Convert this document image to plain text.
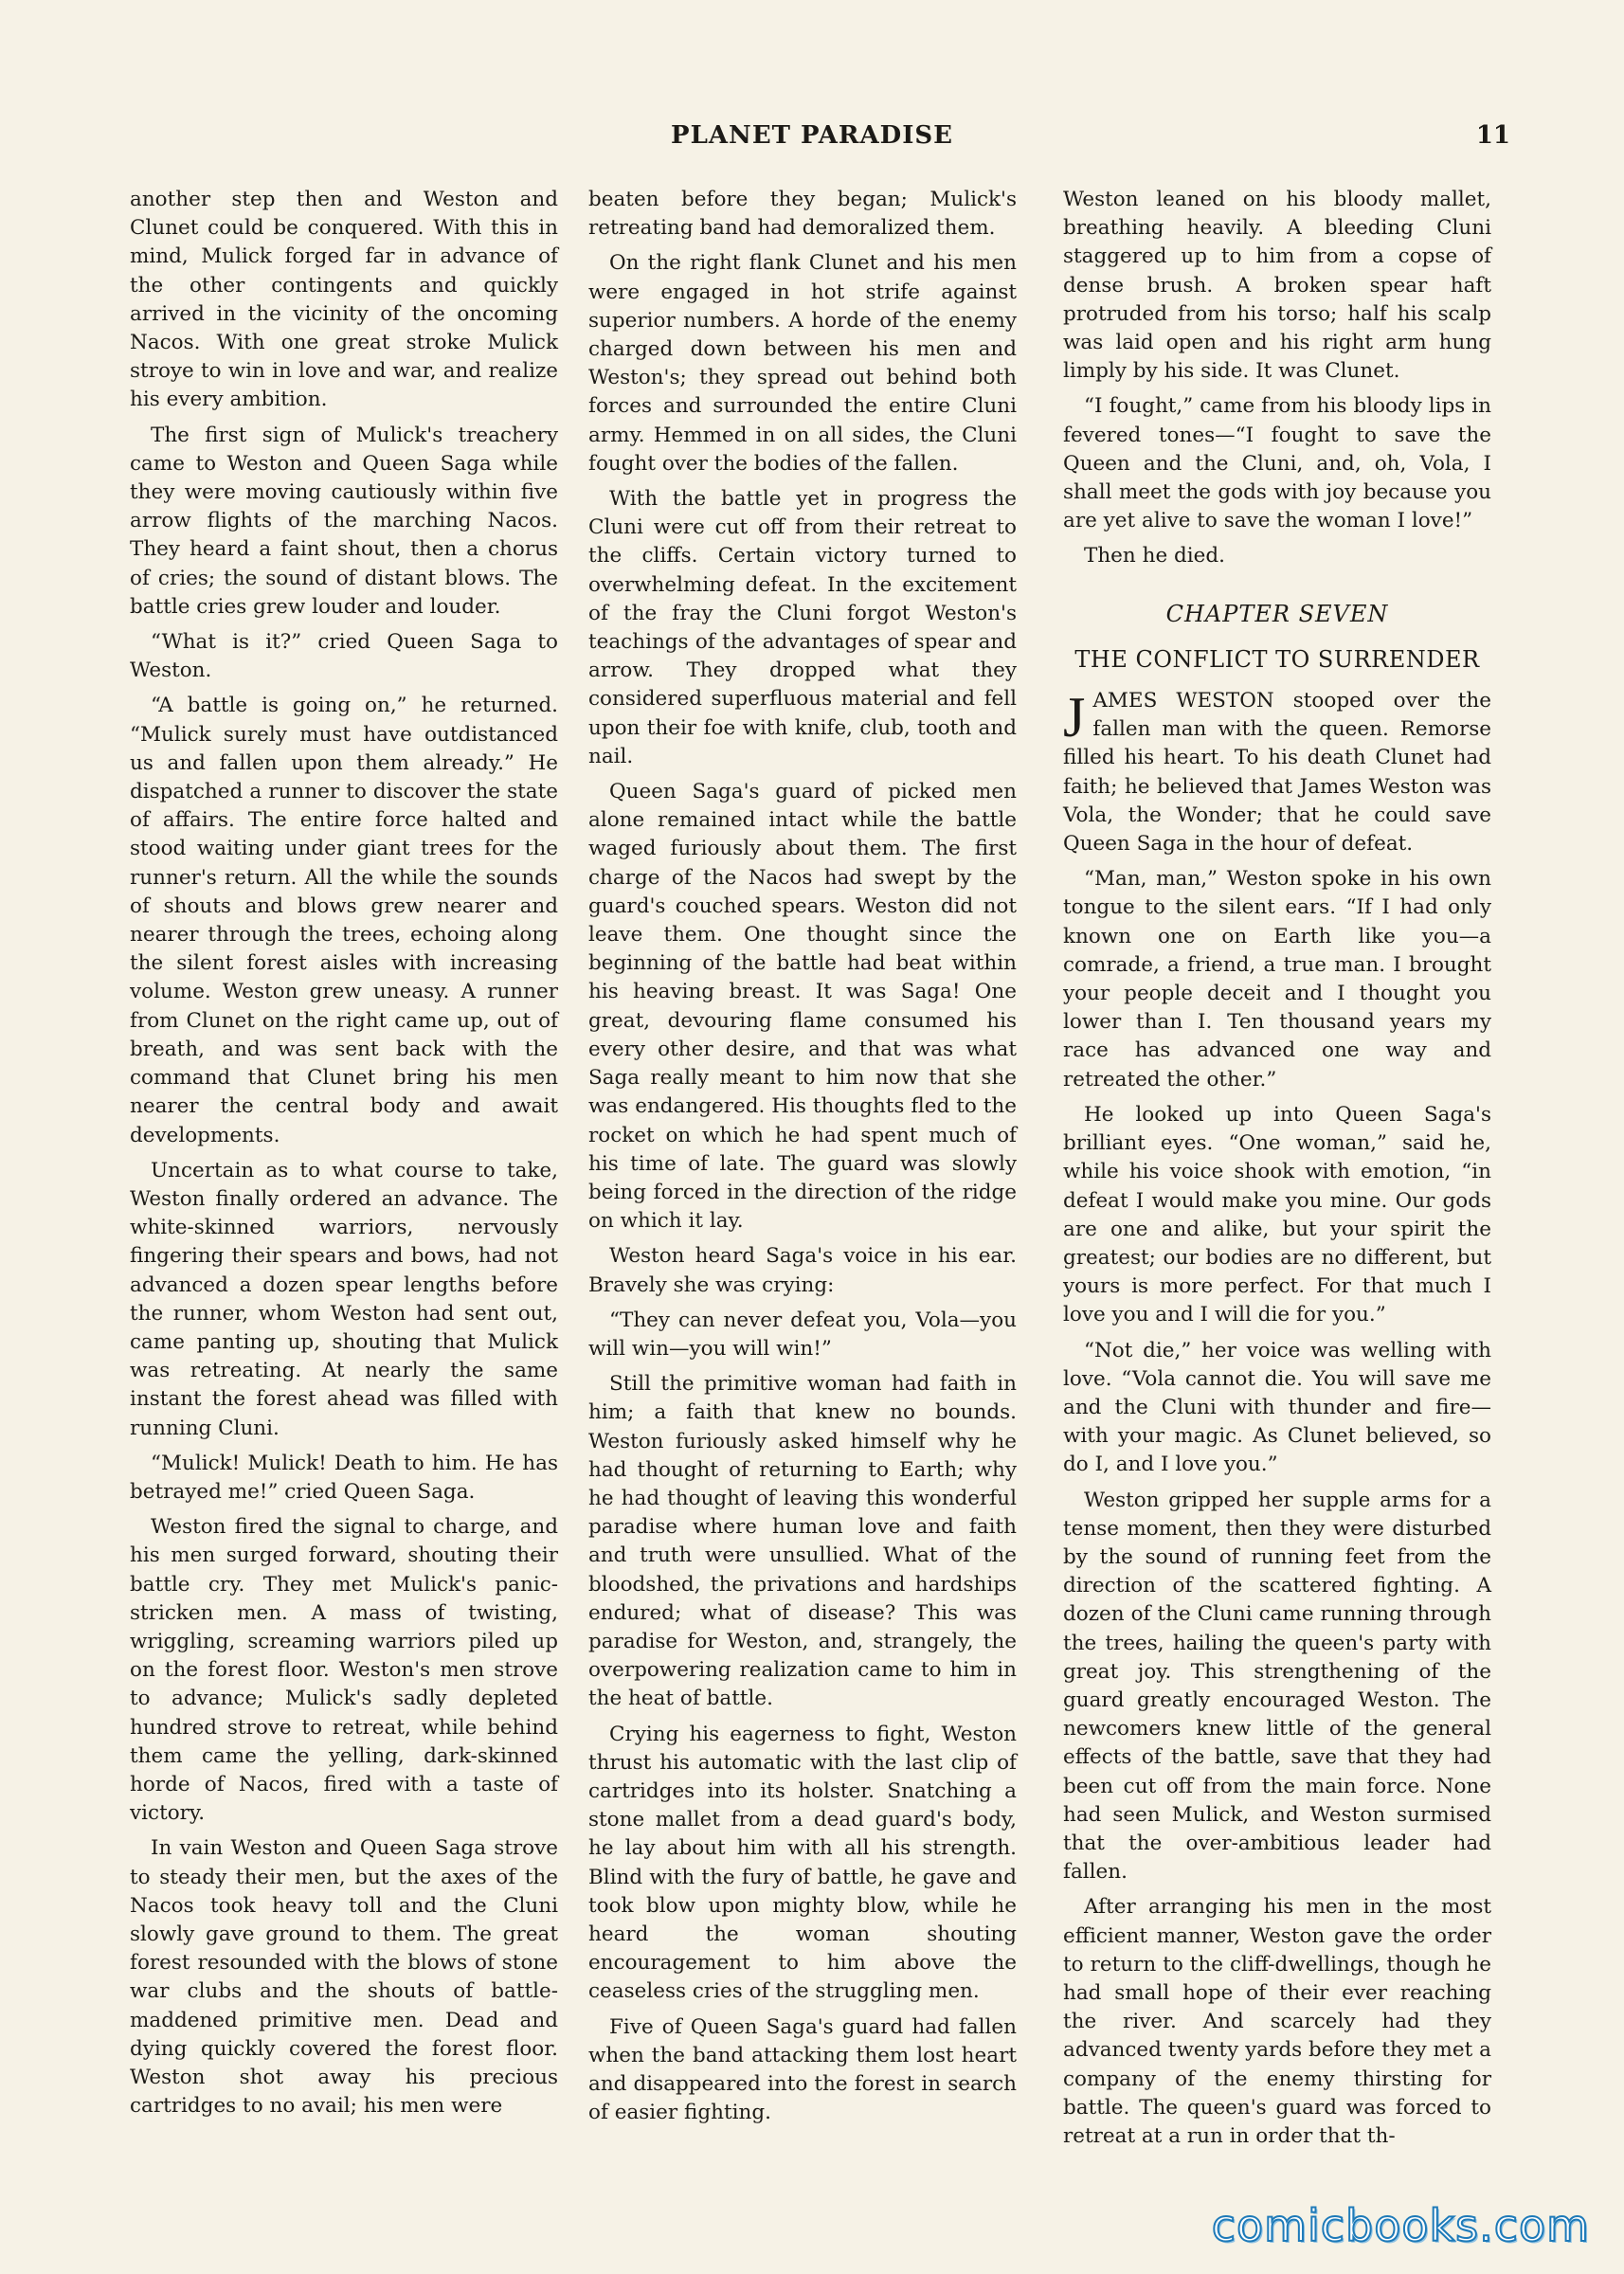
PLANET PARADISE	11

another step then and Weston and Clunet could be conquered. With this in mind, Mulick forged far in advance of the other contingents and quickly arrived in the vicinity of the oncoming Nacos. With one great stroke Mulick stroye to win in love and war, and realize his every ambition.

The first sign of Mulick's treachery came to Weston and Queen Saga while they were moving cautiously within five arrow flights of the marching Nacos. They heard a faint shout, then a chorus of cries; the sound of distant blows. The battle cries grew louder and louder.

“What is it?” cried Queen Saga to Weston.

“A battle is going on,” he returned. “Mulick surely must have outdistanced us and fallen upon them already.” He dispatched a runner to discover the state of affairs. The entire force halted and stood waiting under giant trees for the runner's return. All the while the sounds of shouts and blows grew nearer and nearer through the trees, echoing along the silent forest aisles with increasing volume. Weston grew uneasy. A runner from Clunet on the right came up, out of breath, and was sent back with the command that Clunet bring his men nearer the central body and await developments.

Uncertain as to what course to take, Weston finally ordered an advance. The white-skinned warriors, nervously fingering their spears and bows, had not advanced a dozen spear lengths before the runner, whom Weston had sent out, came panting up, shouting that Mulick was retreating. At nearly the same instant the forest ahead was filled with running Cluni.

“Mulick! Mulick! Death to him. He has betrayed me!” cried Queen Saga.

Weston fired the signal to charge, and his men surged forward, shouting their battle cry. They met Mulick's panic-stricken men. A mass of twisting, wriggling, screaming warriors piled up on the forest floor. Weston's men strove to advance; Mulick's sadly depleted hundred strove to retreat, while behind them came the yelling, dark-skinned horde of Nacos, fired with a taste of victory.

In vain Weston and Queen Saga strove to steady their men, but the axes of the Nacos took heavy toll and the Cluni slowly gave ground to them. The great forest resounded with the blows of stone war clubs and the shouts of battle-maddened primitive men. Dead and dying quickly covered the forest floor. Weston shot away his precious cartridges to no avail; his men were

beaten before they began; Mulick's retreating band had demoralized them.

On the right flank Clunet and his men were engaged in hot strife against superior numbers. A horde of the enemy charged down between his men and Weston's; they spread out behind both forces and surrounded the entire Cluni army. Hemmed in on all sides, the Cluni fought over the bodies of the fallen.

With the battle yet in progress the Cluni were cut off from their retreat to the cliffs. Certain victory turned to overwhelming defeat. In the excitement of the fray the Cluni forgot Weston's teachings of the advantages of spear and arrow. They dropped what they considered superfluous material and fell upon their foe with knife, club, tooth and nail.

Queen Saga's guard of picked men alone remained intact while the battle waged furiously about them. The first charge of the Nacos had swept by the guard's couched spears. Weston did not leave them. One thought since the beginning of the battle had beat within his heaving breast. It was Saga! One great, devouring flame consumed his every other desire, and that was what Saga really meant to him now that she was endangered. His thoughts fled to the rocket on which he had spent much of his time of late. The guard was slowly being forced in the direction of the ridge on which it lay.

Weston heard Saga's voice in his ear. Bravely she was crying:

“They can never defeat you, Vola—you will win—you will win!”

Still the primitive woman had faith in him; a faith that knew no bounds. Weston furiously asked himself why he had thought of returning to Earth; why he had thought of leaving this wonderful paradise where human love and faith and truth were unsullied. What of the bloodshed, the privations and hardships endured; what of disease? This was paradise for Weston, and, strangely, the overpowering realization came to him in the heat of battle.

Crying his eagerness to fight, Weston thrust his automatic with the last clip of cartridges into its holster. Snatching a stone mallet from a dead guard's body, he lay about him with all his strength. Blind with the fury of battle, he gave and took blow upon mighty blow, while he heard the woman shouting encouragement to him above the ceaseless cries of the struggling men.

Five of Queen Saga's guard had fallen when the band attacking them lost heart and disappeared into the forest in search of easier fighting.

Weston leaned on his bloody mallet, breathing heavily. A bleeding Cluni staggered up to him from a copse of dense brush. A broken spear haft protruded from his torso; half his scalp was laid open and his right arm hung limply by his side. It was Clunet.

“I fought,” came from his bloody lips in fevered tones—“I fought to save the Queen and the Cluni, and, oh, Vola, I shall meet the gods with joy because you are yet alive to save the woman I love!”

Then he died.

CHAPTER SEVEN
THE CONFLICT TO SURRENDER

JAMES WESTON stooped over the fallen man with the queen. Remorse filled his heart. To his death Clunet had faith; he believed that James Weston was Vola, the Wonder; that he could save Queen Saga in the hour of defeat.

“Man, man,” Weston spoke in his own tongue to the silent ears. “If I had only known one on Earth like you—a comrade, a friend, a true man. I brought your people deceit and I thought you lower than I. Ten thousand years my race has advanced one way and retreated the other.”

He looked up into Queen Saga's brilliant eyes. “One woman,” said he, while his voice shook with emotion, “in defeat I would make you mine. Our gods are one and alike, but your spirit the greatest; our bodies are no different, but yours is more perfect. For that much I love you and I will die for you.”

“Not die,” her voice was welling with love. “Vola cannot die. You will save me and the Cluni with thunder and fire—with your magic. As Clunet believed, so do I, and I love you.”

Weston gripped her supple arms for a tense moment, then they were disturbed by the sound of running feet from the direction of the scattered fighting. A dozen of the Cluni came running through the trees, hailing the queen's party with great joy. This strengthening of the guard greatly encouraged Weston. The newcomers knew little of the general effects of the battle, save that they had been cut off from the main force. None had seen Mulick, and Weston surmised that the over-ambitious leader had fallen.

After arranging his men in the most efficient manner, Weston gave the order to return to the cliff-dwellings, though he had small hope of their ever reaching the river. And scarcely had they advanced twenty yards before they met a company of the enemy thirsting for battle. The queen's guard was forced to retreat at a run in order that th-

comicbooks.com
